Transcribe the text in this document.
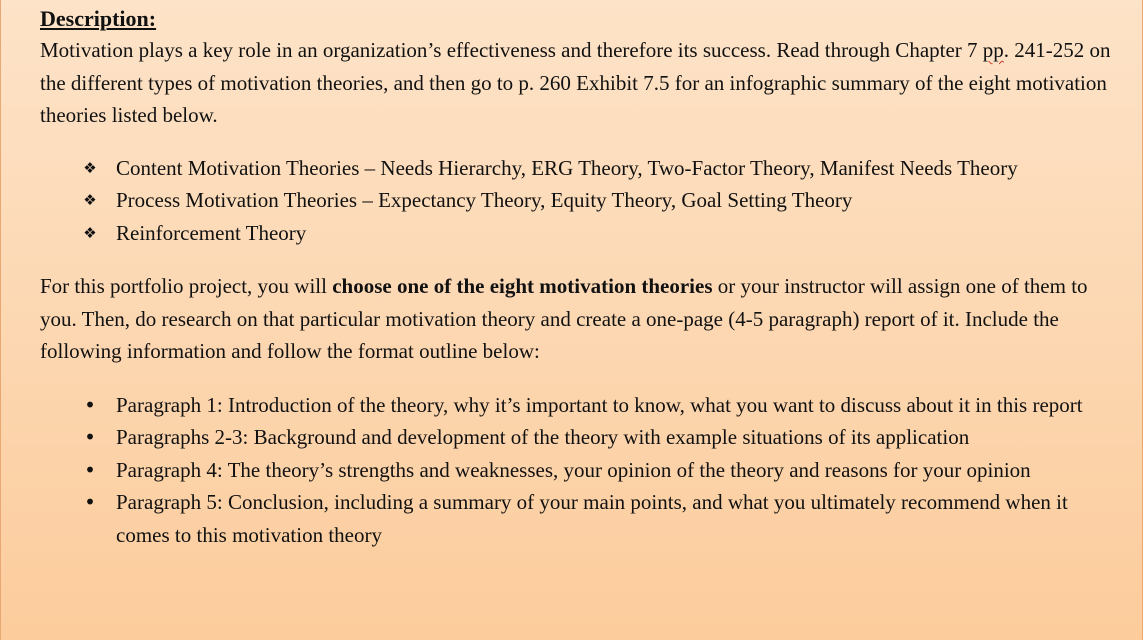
Description:

Motivation plays a key role in an organization’s effectiveness and therefore its success. Read through Chapter 7 pp. 241-252 on the different types of motivation theories, and then go to p. 260 Exhibit 7.5 for an infographic summary of the eight motivation theories listed below.

❖ Content Motivation Theories – Needs Hierarchy, ERG Theory, Two-Factor Theory, Manifest Needs Theory
❖ Process Motivation Theories – Expectancy Theory, Equity Theory, Goal Setting Theory
❖ Reinforcement Theory

For this portfolio project, you will choose one of the eight motivation theories or your instructor will assign one of them to you. Then, do research on that particular motivation theory and create a one-page (4-5 paragraph) report of it. Include the following information and follow the format outline below:

• Paragraph 1: Introduction of the theory, why it’s important to know, what you want to discuss about it in this report
• Paragraphs 2-3: Background and development of the theory with example situations of its application
• Paragraph 4: The theory’s strengths and weaknesses, your opinion of the theory and reasons for your opinion
• Paragraph 5: Conclusion, including a summary of your main points, and what you ultimately recommend when it comes to this motivation theory
